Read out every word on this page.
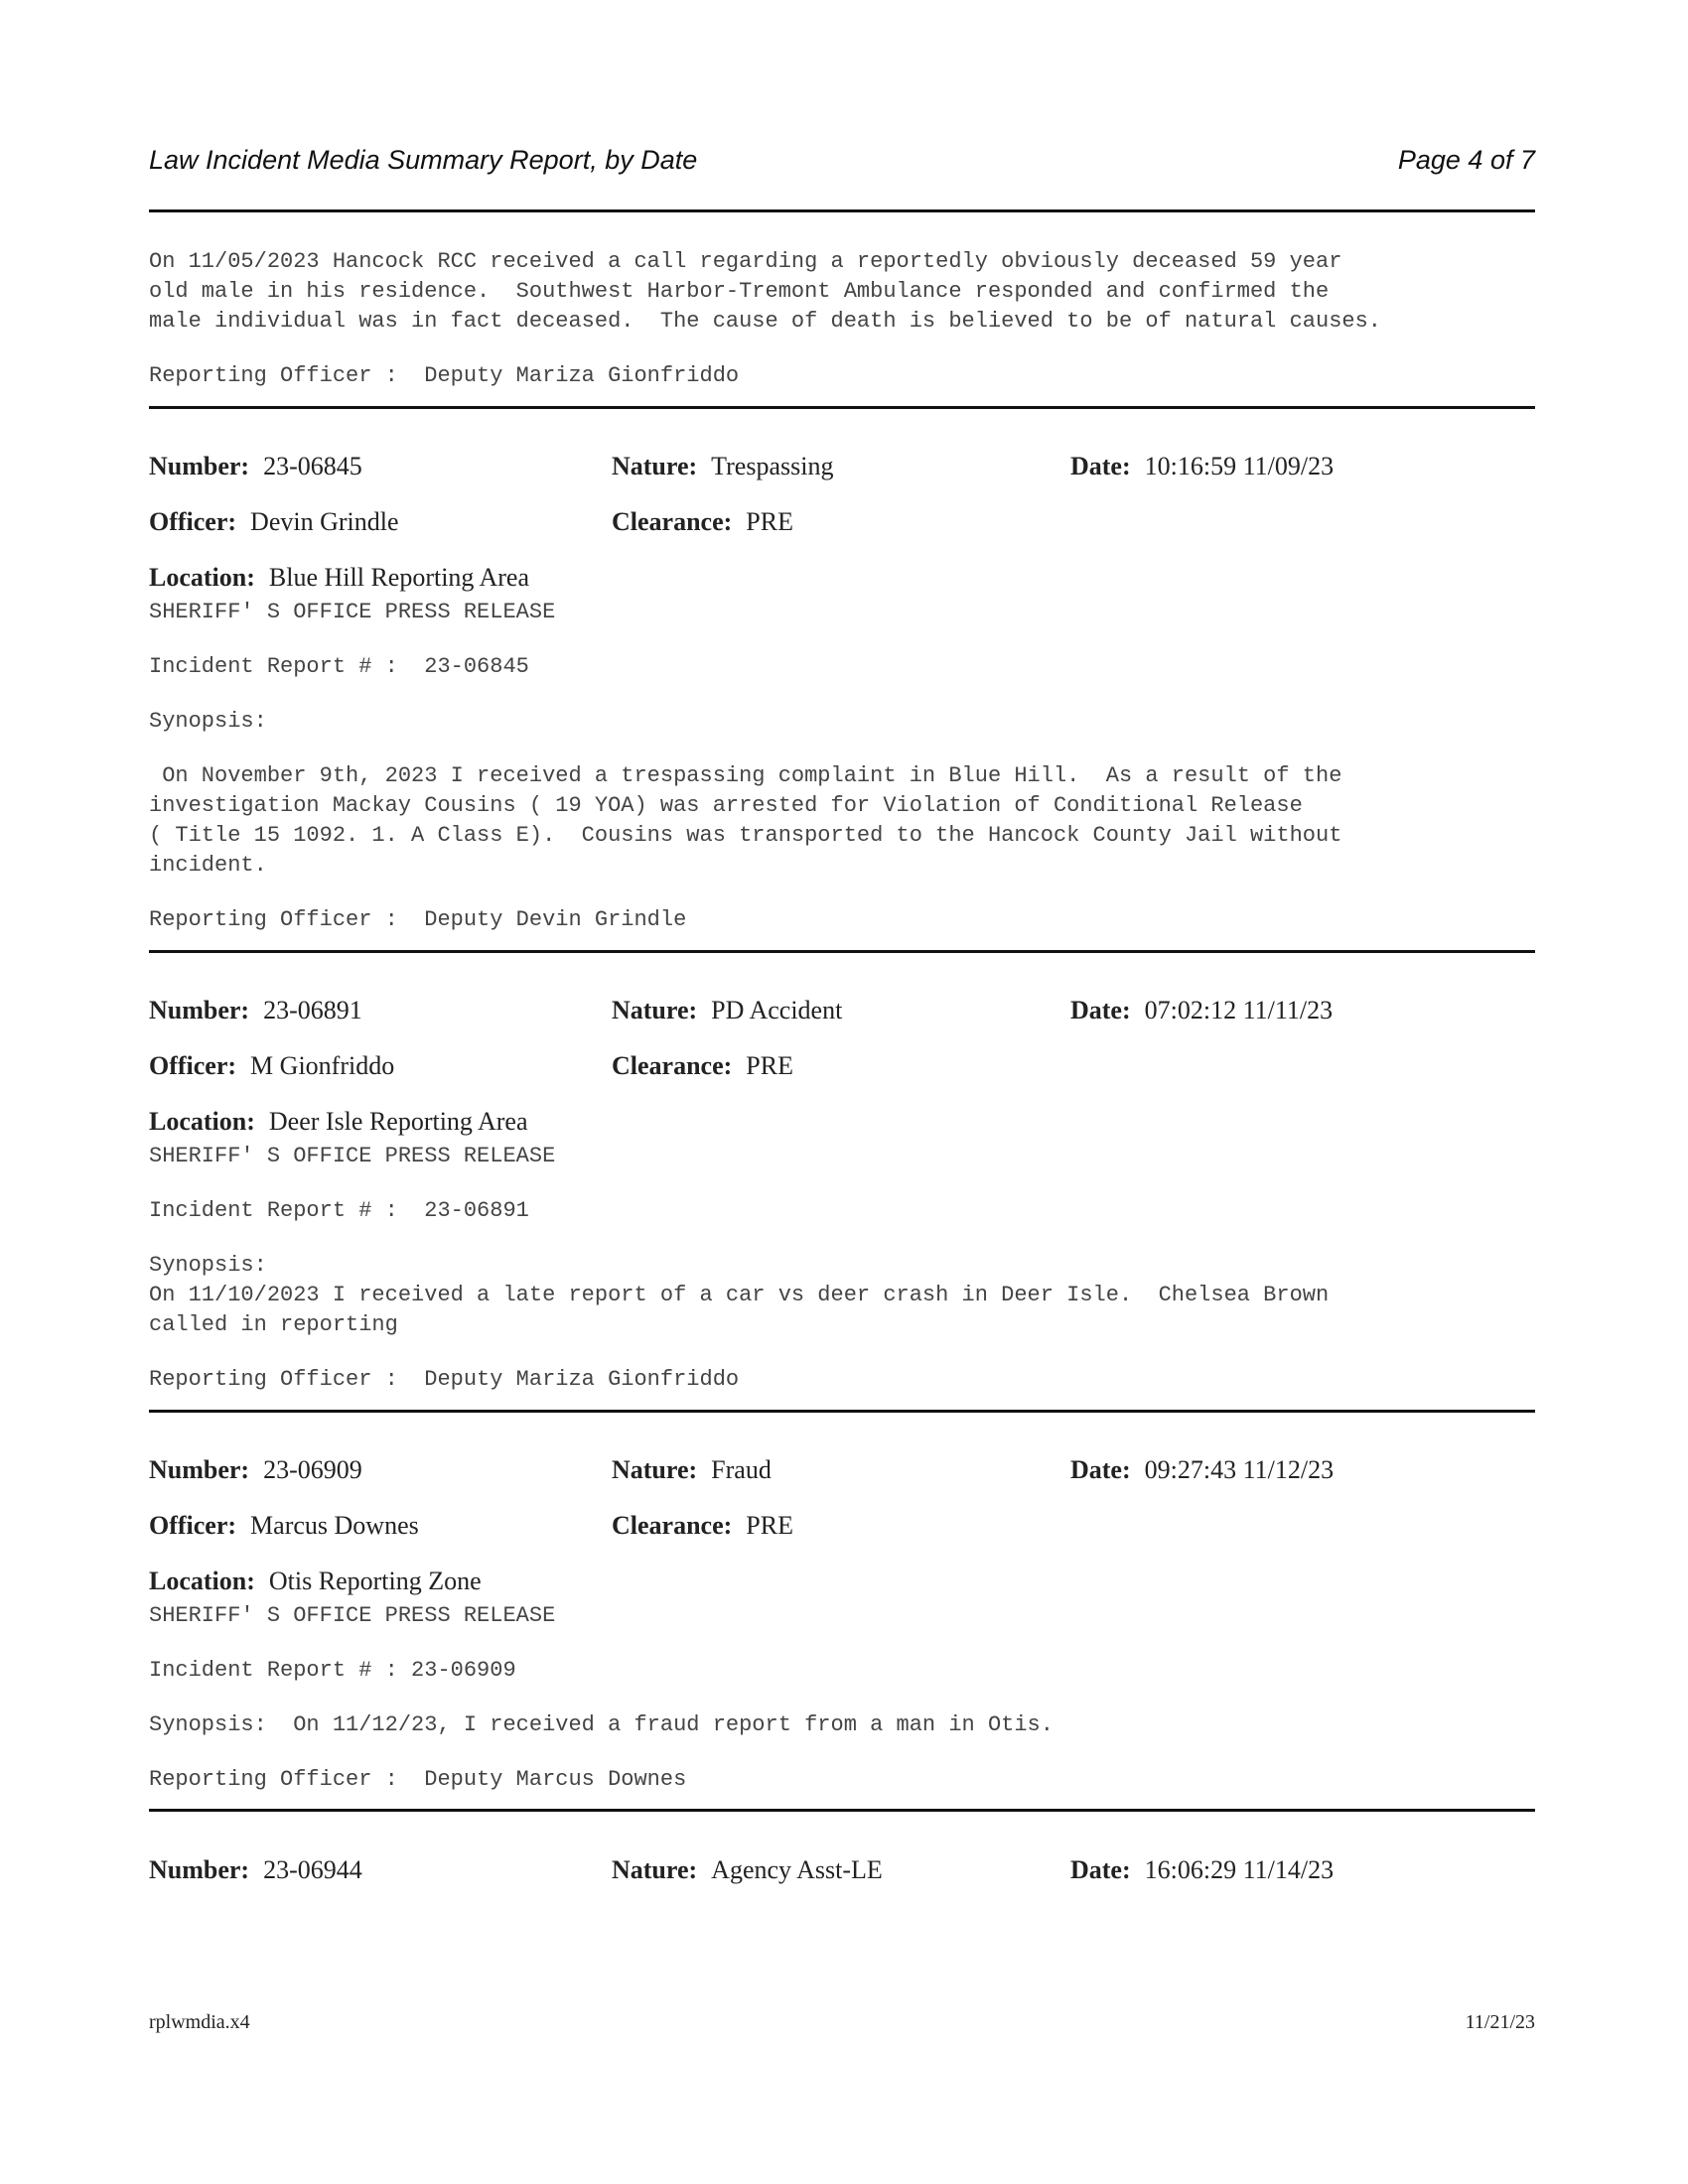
Law Incident Media Summary Report, by Date	Page 4 of 7
On 11/05/2023 Hancock RCC received a call regarding a reportedly obviously deceased 59 year
old male in his residence.  Southwest Harbor-Tremont Ambulance responded and confirmed the
male individual was in fact deceased.  The cause of death is believed to be of natural causes.
Reporting Officer :  Deputy Mariza Gionfriddo
Number: 23-06845	Nature: Trespassing	Date: 10:16:59 11/09/23
Officer: Devin Grindle	Clearance: PRE
Location: Blue Hill Reporting Area
SHERIFF' S OFFICE PRESS RELEASE
Incident Report # :  23-06845
Synopsis:
On November 9th, 2023 I received a trespassing complaint in Blue Hill.  As a result of the
investigation Mackay Cousins ( 19 YOA) was arrested for Violation of Conditional Release
( Title 15 1092. 1. A Class E).  Cousins was transported to the Hancock County Jail without
incident.
Reporting Officer :  Deputy Devin Grindle
Number: 23-06891	Nature: PD Accident	Date: 07:02:12 11/11/23
Officer: M Gionfriddo	Clearance: PRE
Location: Deer Isle Reporting Area
SHERIFF' S OFFICE PRESS RELEASE
Incident Report # :  23-06891
Synopsis:
On 11/10/2023 I received a late report of a car vs deer crash in Deer Isle.  Chelsea Brown
called in reporting
Reporting Officer :  Deputy Mariza Gionfriddo
Number: 23-06909	Nature: Fraud	Date: 09:27:43 11/12/23
Officer: Marcus Downes	Clearance: PRE
Location: Otis Reporting Zone
SHERIFF' S OFFICE PRESS RELEASE
Incident Report # : 23-06909
Synopsis:  On 11/12/23, I received a fraud report from a man in Otis.
Reporting Officer :  Deputy Marcus Downes
Number: 23-06944	Nature: Agency Asst-LE	Date: 16:06:29 11/14/23
rplwmdia.x4	11/21/23
